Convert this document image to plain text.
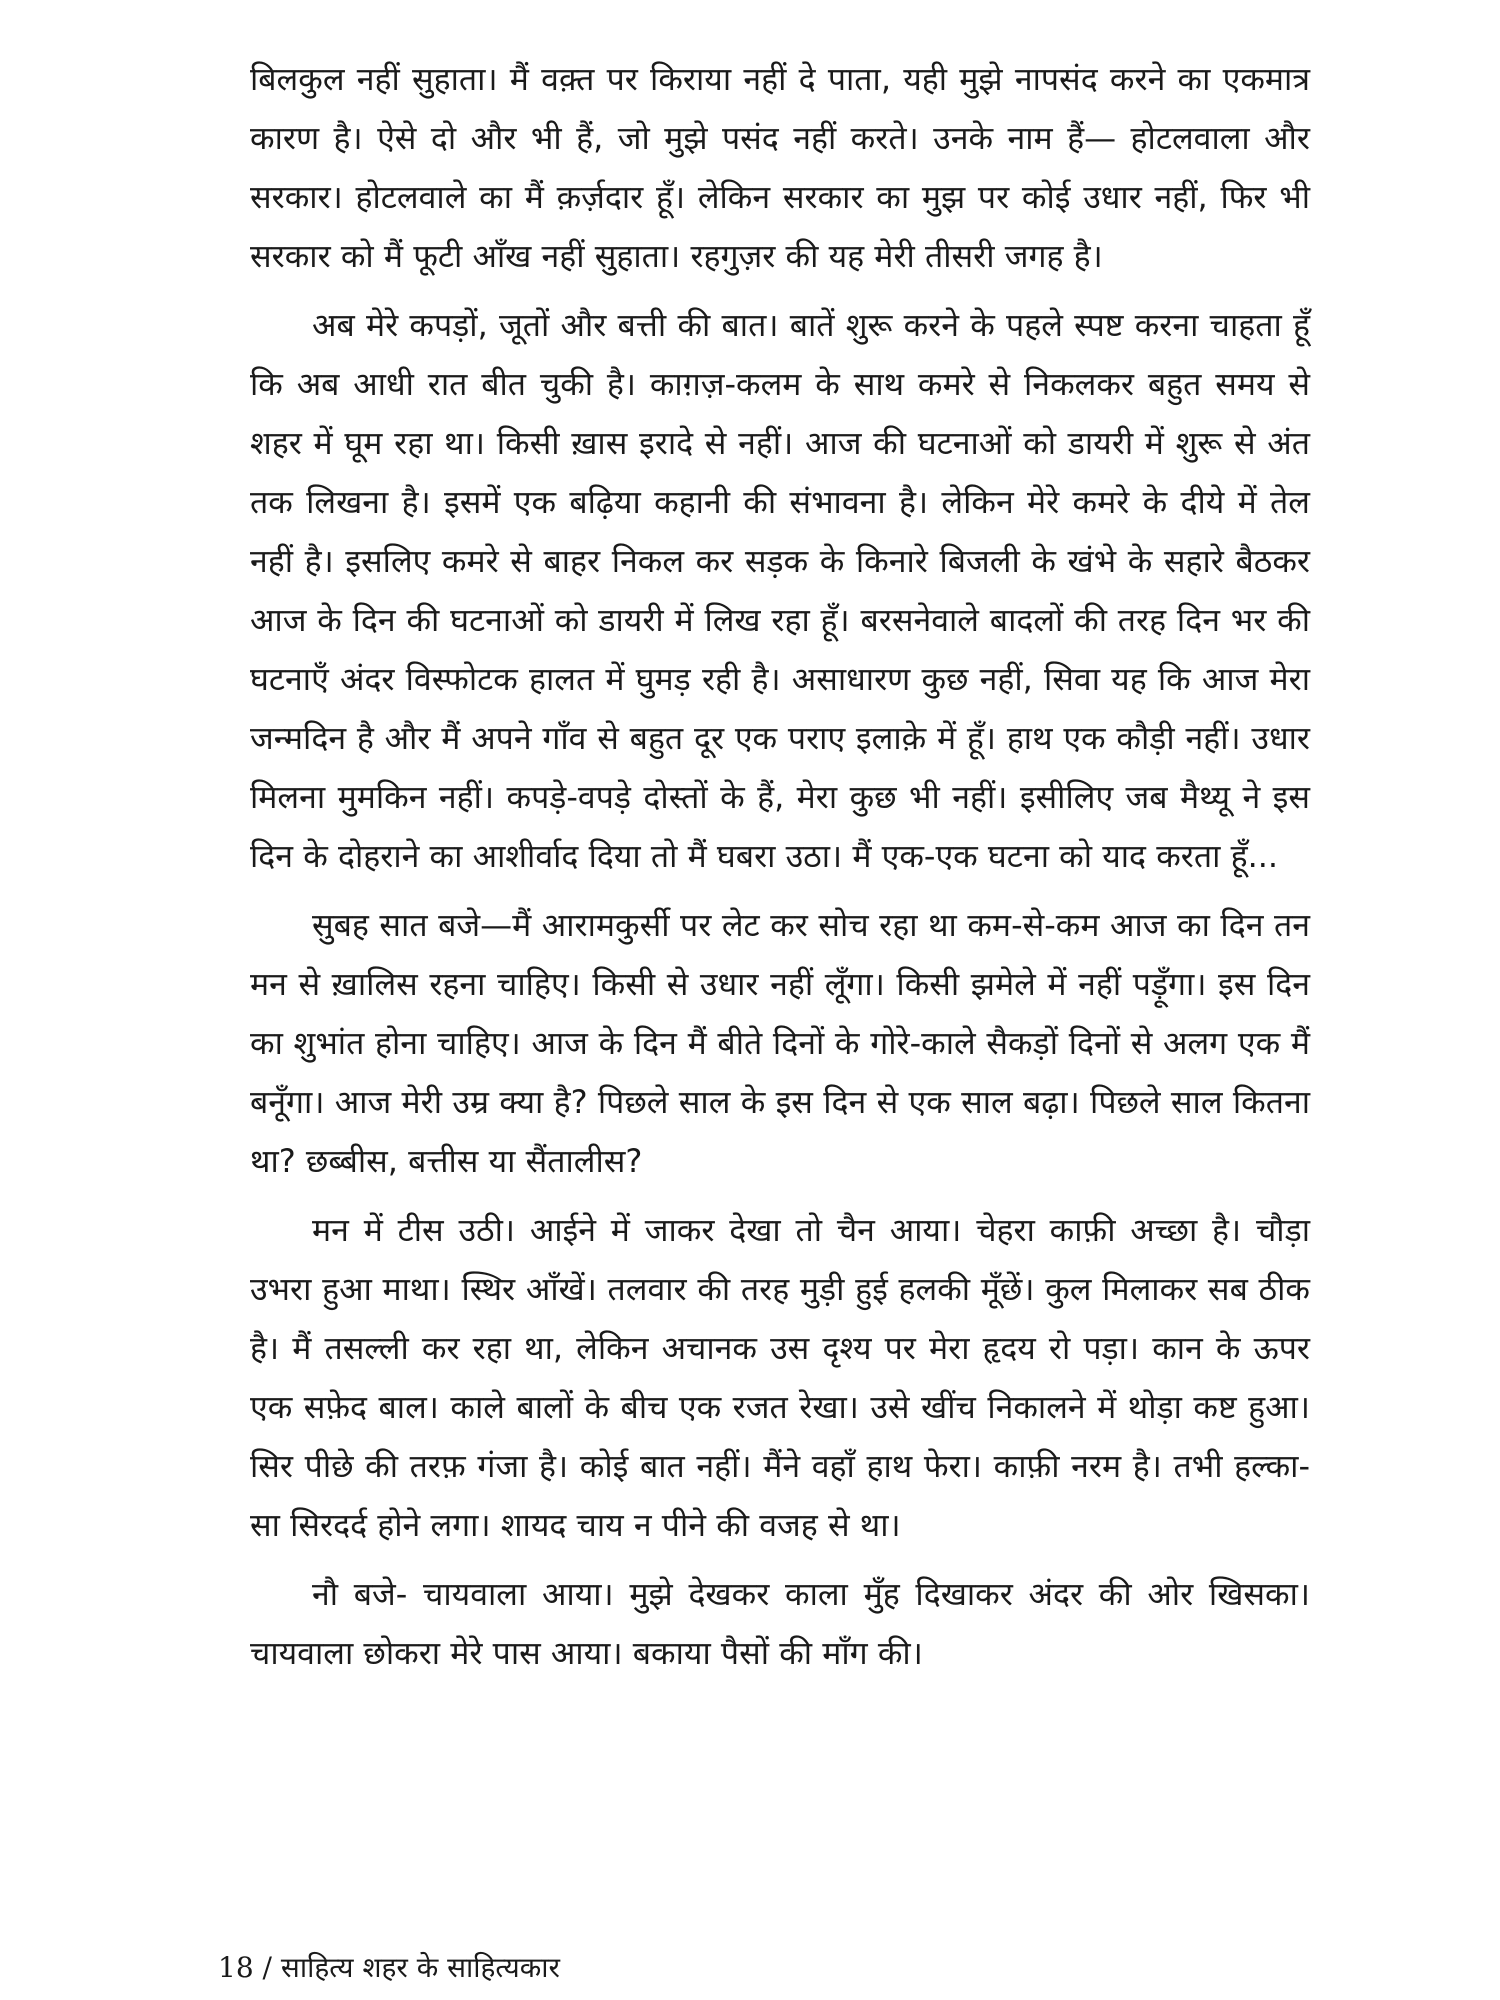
बिलकुल नहीं सुहाता। मैं वक़्त पर किराया नहीं दे पाता, यही मुझे नापसंद करने का एकमात्र कारण है। ऐसे दो और भी हैं, जो मुझे पसंद नहीं करते। उनके नाम हैं— होटलवाला और सरकार। होटलवाले का मैं क़र्ज़दार हूँ। लेकिन सरकार का मुझ पर कोई उधार नहीं, फिर भी सरकार को मैं फूटी आँख नहीं सुहाता। रहगुज़र की यह मेरी तीसरी जगह है।

अब मेरे कपड़ों, जूतों और बत्ती की बात। बातें शुरू करने के पहले स्पष्ट करना चाहता हूँ कि अब आधी रात बीत चुकी है। काग़ज़-कलम के साथ कमरे से निकलकर बहुत समय से शहर में घूम रहा था। किसी ख़ास इरादे से नहीं। आज की घटनाओं को डायरी में शुरू से अंत तक लिखना है। इसमें एक बढ़िया कहानी की संभावना है। लेकिन मेरे कमरे के दीये में तेल नहीं है। इसलिए कमरे से बाहर निकल कर सड़क के किनारे बिजली के खंभे के सहारे बैठकर आज के दिन की घटनाओं को डायरी में लिख रहा हूँ। बरसनेवाले बादलों की तरह दिन भर की घटनाएँ अंदर विस्फोटक हालत में घुमड़ रही है। असाधारण कुछ नहीं, सिवा यह कि आज मेरा जन्मदिन है और मैं अपने गाँव से बहुत दूर एक पराए इलाक़े में हूँ। हाथ एक कौड़ी नहीं। उधार मिलना मुमकिन नहीं। कपड़े-वपड़े दोस्तों के हैं, मेरा कुछ भी नहीं। इसीलिए जब मैथ्यू ने इस दिन के दोहराने का आशीर्वाद दिया तो मैं घबरा उठा। मैं एक-एक घटना को याद करता हूँ...

सुबह सात बजे—मैं आरामकुर्सी पर लेट कर सोच रहा था कम-से-कम आज का दिन तन मन से ख़ालिस रहना चाहिए। किसी से उधार नहीं लूँगा। किसी झमेले में नहीं पड़ूँगा। इस दिन का शुभांत होना चाहिए। आज के दिन मैं बीते दिनों के गोरे-काले सैकड़ों दिनों से अलग एक मैं बनूँगा। आज मेरी उम्र क्या है? पिछले साल के इस दिन से एक साल बढ़ा। पिछले साल कितना था? छब्बीस, बत्तीस या सैंतालीस?

मन में टीस उठी। आईने में जाकर देखा तो चैन आया। चेहरा काफ़ी अच्छा है। चौड़ा उभरा हुआ माथा। स्थिर आँखें। तलवार की तरह मुड़ी हुई हलकी मूँछें। कुल मिलाकर सब ठीक है। मैं तसल्ली कर रहा था, लेकिन अचानक उस दृश्य पर मेरा हृदय रो पड़ा। कान के ऊपर एक सफ़ेद बाल। काले बालों के बीच एक रजत रेखा। उसे खींच निकालने में थोड़ा कष्ट हुआ। सिर पीछे की तरफ़ गंजा है। कोई बात नहीं। मैंने वहाँ हाथ फेरा। काफ़ी नरम है। तभी हल्का-सा सिरदर्द होने लगा। शायद चाय न पीने की वजह से था।

नौ बजे- चायवाला आया। मुझे देखकर काला मुँह दिखाकर अंदर की ओर खिसका। चायवाला छोकरा मेरे पास आया। बकाया पैसों की माँग की।

18 / साहित्य शहर के साहित्यकार
